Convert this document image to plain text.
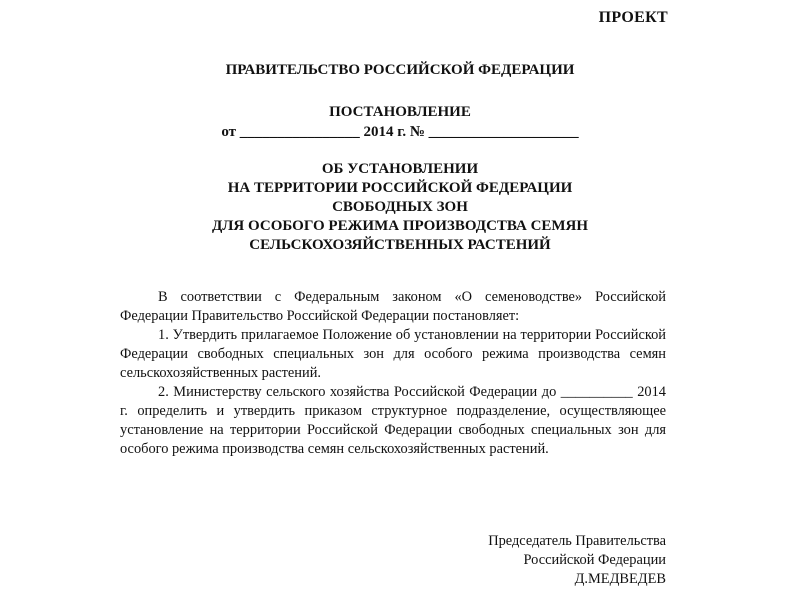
ПРОЕКТ
ПРАВИТЕЛЬСТВО РОССИЙСКОЙ ФЕДЕРАЦИИ
ПОСТАНОВЛЕНИЕ
от ________________ 2014 г. № ____________________
ОБ УСТАНОВЛЕНИИ
НА ТЕРРИТОРИИ РОССИЙСКОЙ ФЕДЕРАЦИИ
СВОБОДНЫХ ЗОН
ДЛЯ ОСОБОГО РЕЖИМА ПРОИЗВОДСТВА СЕМЯН
СЕЛЬСКОХОЗЯЙСТВЕННЫХ РАСТЕНИЙ

В соответствии с Федеральным законом «О семеноводстве» Российской Федерации Правительство Российской Федерации постановляет:

1. Утвердить прилагаемое Положение об установлении на территории Российской Федерации свободных специальных зон для особого режима производства семян сельскохозяйственных растений.

2. Министерству сельского хозяйства Российской Федерации до __________ 2014 г. определить и утвердить приказом структурное подразделение, осуществляющее установление на территории Российской Федерации свободных специальных зон для особого режима производства семян сельскохозяйственных растений.

Председатель Правительства
Российской Федерации
Д.МЕДВЕДЕВ
